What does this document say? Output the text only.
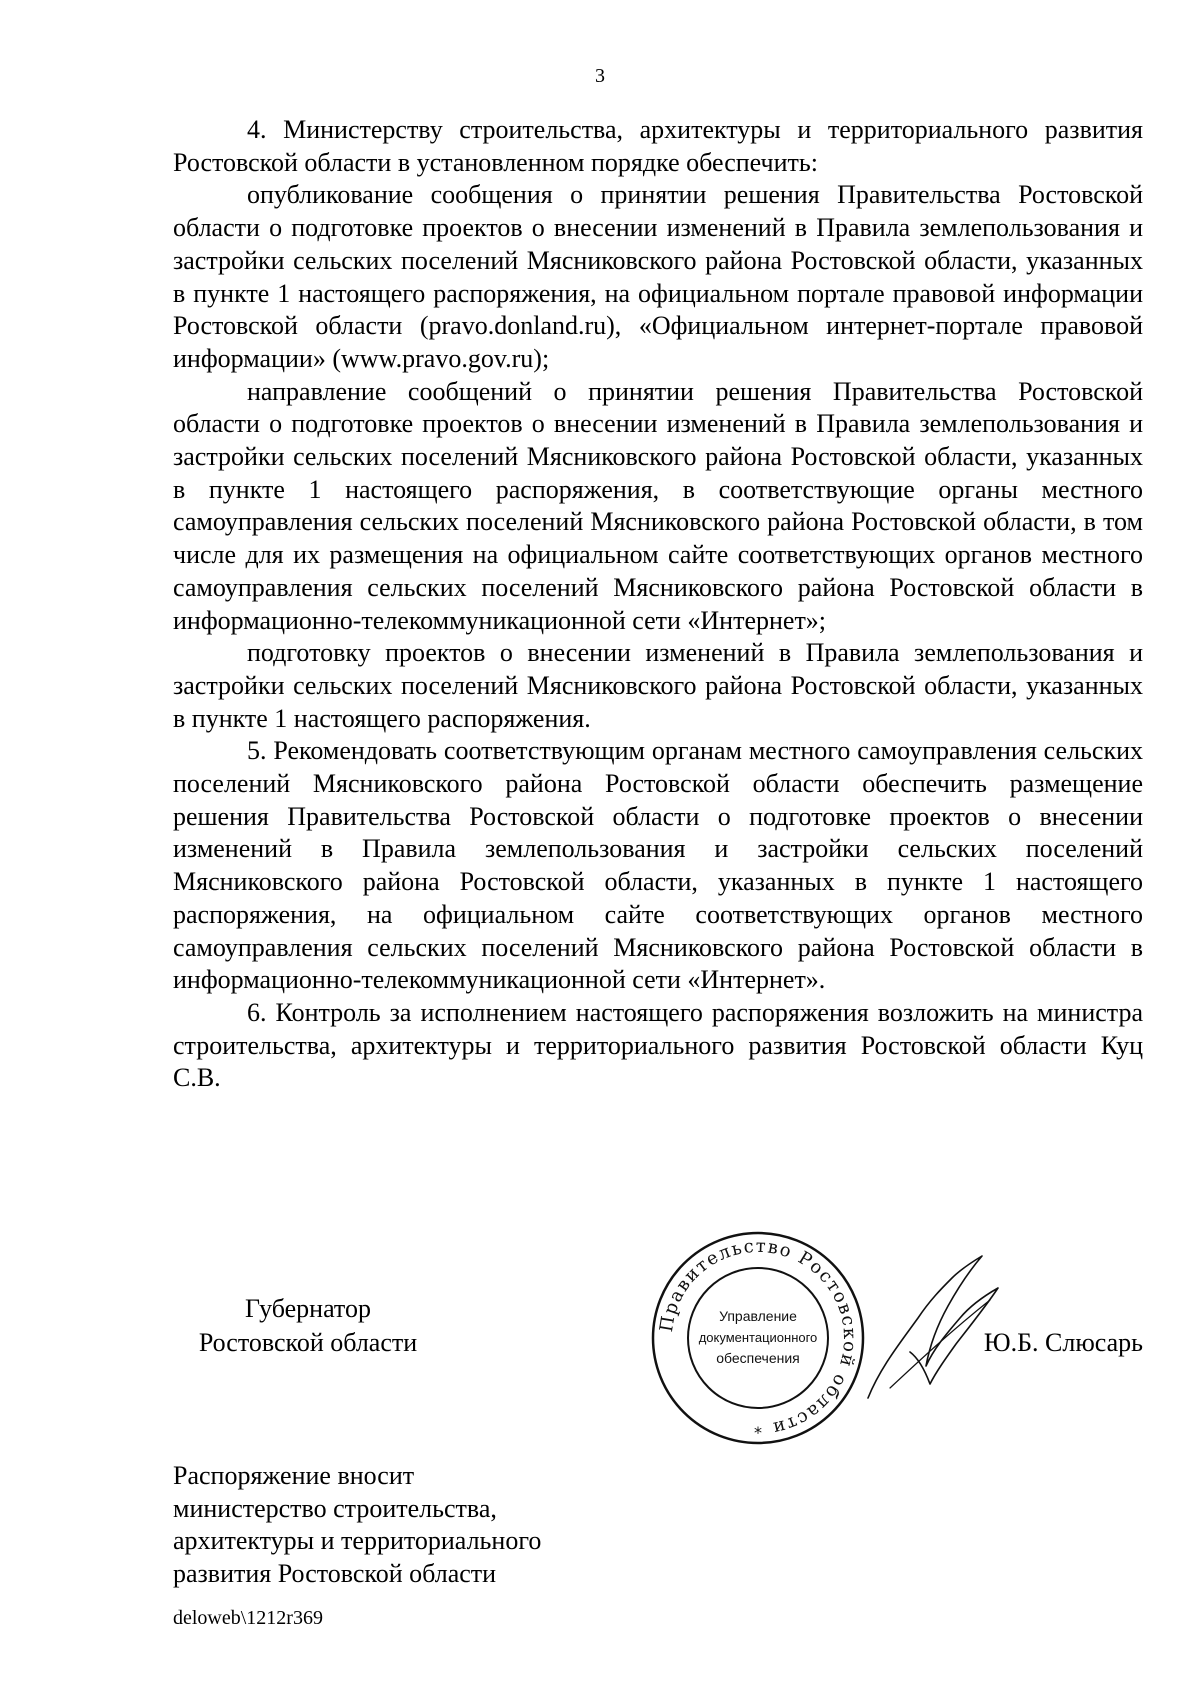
3

4. Министерству строительства, архитектуры и территориального развития Ростовской области в установленном порядке обеспечить:

опубликование сообщения о принятии решения Правительства Ростовской области о подготовке проектов о внесении изменений в Правила землепользования и застройки сельских поселений Мясниковского района Ростовской области, указанных в пункте 1 настоящего распоряжения, на официальном портале правовой информации Ростовской области (pravo.donland.ru), «Официальном интернет-портале правовой информации» (www.pravo.gov.ru);

направление сообщений о принятии решения Правительства Ростовской области о подготовке проектов о внесении изменений в Правила землепользования и застройки сельских поселений Мясниковского района Ростовской области, указанных в пункте 1 настоящего распоряжения, в соответствующие органы местного самоуправления сельских поселений Мясниковского района Ростовской области, в том числе для их размещения на официальном сайте соответствующих органов местного самоуправления сельских поселений Мясниковского района Ростовской области в информационно-телекоммуникационной сети «Интернет»;

подготовку проектов о внесении изменений в Правила землепользования и застройки сельских поселений Мясниковского района Ростовской области, указанных в пункте 1 настоящего распоряжения.

5. Рекомендовать соответствующим органам местного самоуправления сельских поселений Мясниковского района Ростовской области обеспечить размещение решения Правительства Ростовской области о подготовке проектов о внесении изменений в Правила землепользования и застройки сельских поселений Мясниковского района Ростовской области, указанных в пункте 1 настоящего распоряжения, на официальном сайте соответствующих органов местного самоуправления сельских поселений Мясниковского района Ростовской области в информационно-телекоммуникационной сети «Интернет».

6. Контроль за исполнением настоящего распоряжения возложить на министра строительства, архитектуры и территориального развития Ростовской области Куц С.В.

Губернатор
Ростовской области
Правительство Ростовской области
Управление
документационного
обеспечения
*
Ю.Б. Слюсарь
Распоряжение вносит
министерство строительства,
архитектуры и территориального
развития Ростовской области
deloweb\1212r369
